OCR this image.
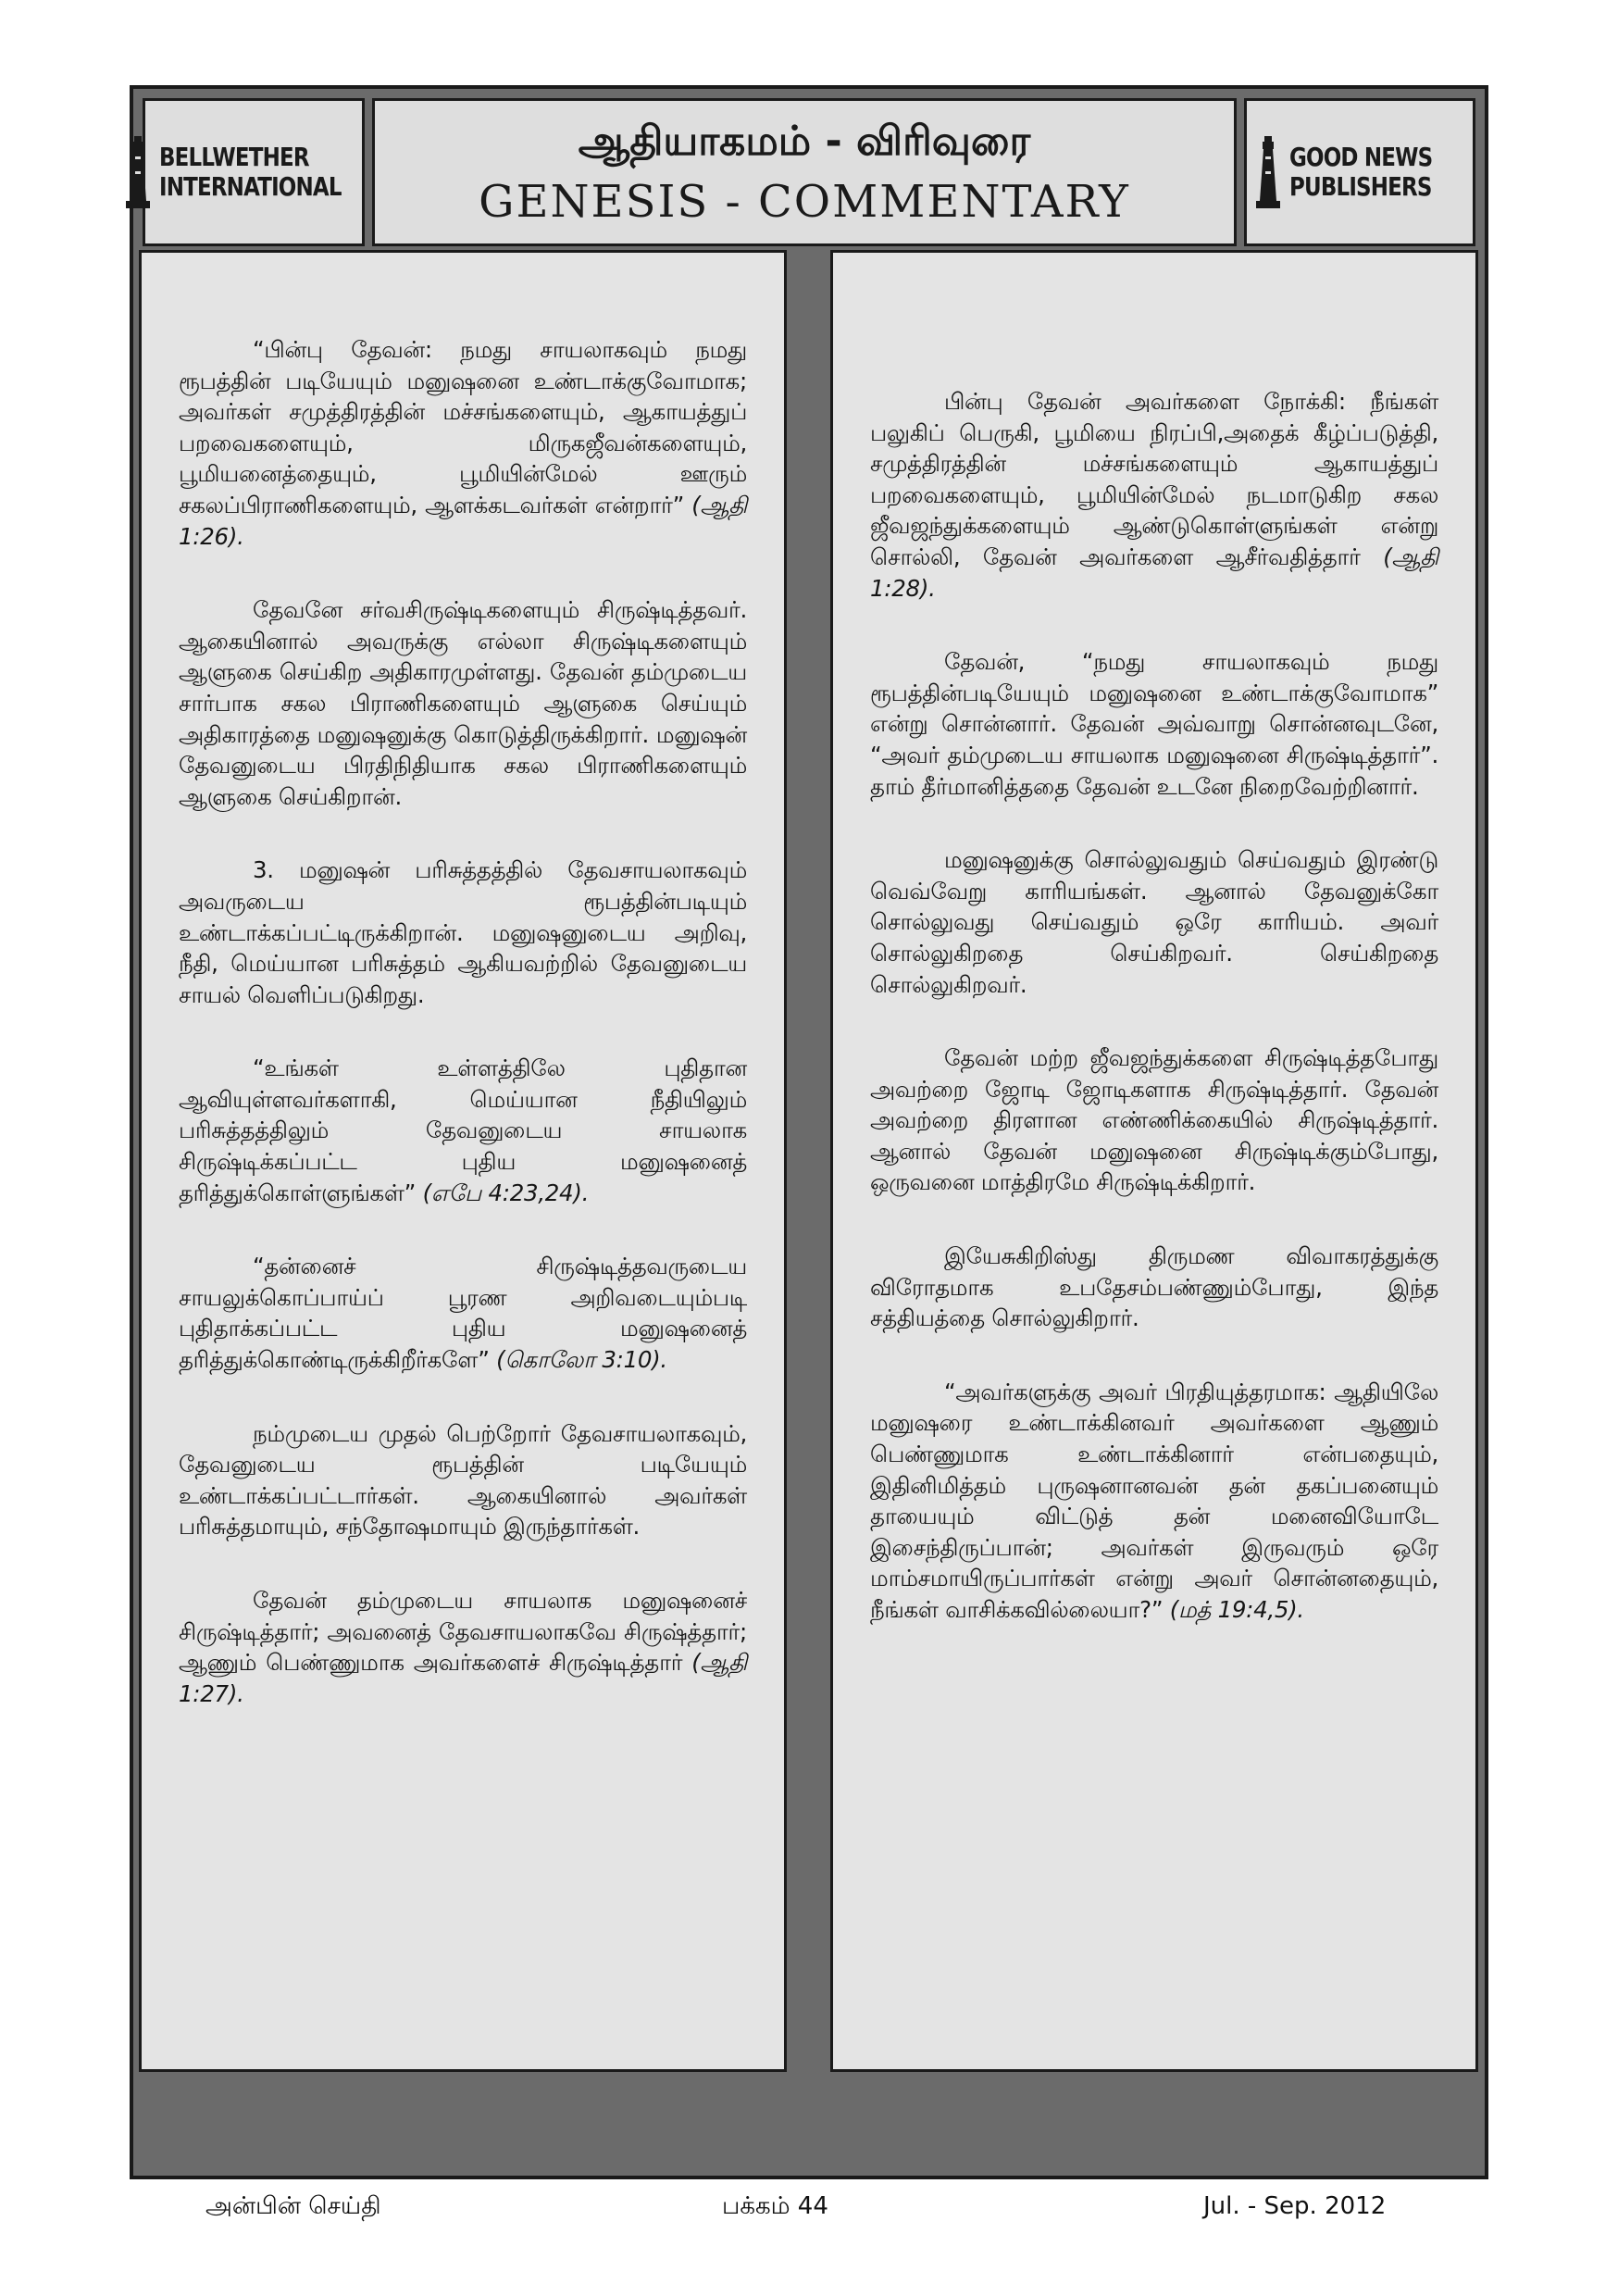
BELLWETHER
INTERNATIONAL
ஆதியாகமம் - விரிவுரை
GENESIS - COMMENTARY
GOOD NEWS
PUBLISHERS

“பின்பு தேவன்: நமது சாயலாகவும் நமது ரூபத்தின் படியேயும் மனுஷனை உண்டாக்குவோமாக; அவர்கள் சமுத்திரத்தின் மச்சங்களையும், ஆகாயத்துப் பறவைகளையும், மிருகஜீவன்களையும், பூமியனைத்தையும், பூமியின்மேல் ஊரும் சகலப்பிராணிகளையும், ஆளக்கடவர்கள் என்றார்” (ஆதி 1:26).

தேவனே சர்வசிருஷ்டிகளையும் சிருஷ்டித்தவர். ஆகையினால் அவருக்கு எல்லா சிருஷ்டிகளையும் ஆளுகை செய்கிற அதிகாரமுள்ளது. தேவன் தம்முடைய சார்பாக சகல பிராணிகளையும் ஆளுகை செய்யும் அதிகாரத்தை மனுஷனுக்கு கொடுத்திருக்கிறார். மனுஷன் தேவனுடைய பிரதிநிதியாக சகல பிராணிகளையும் ஆளுகை செய்கிறான்.

3. மனுஷன் பரிசுத்தத்தில் தேவசாயலாகவும் அவருடைய ரூபத்தின்படியும் உண்டாக்கப்பட்டிருக்கிறான். மனுஷனுடைய அறிவு, நீதி, மெய்யான பரிசுத்தம் ஆகியவற்றில் தேவனுடைய சாயல் வெளிப்படுகிறது.

“உங்கள் உள்ளத்திலே புதிதான ஆவியுள்ளவர்களாகி, மெய்யான நீதியிலும் பரிசுத்தத்திலும் தேவனுடைய சாயலாக சிருஷ்டிக்கப்பட்ட புதிய மனுஷனைத் தரித்துக்கொள்ளுங்கள்” (எபே 4:23,24).

“தன்னைச் சிருஷ்டித்தவருடைய சாயலுக்கொப்பாய்ப் பூரண அறிவடையும்படி புதிதாக்கப்பட்ட புதிய மனுஷனைத் தரித்துக்கொண்டிருக்கிறீர்களே” (கொலோ 3:10).

நம்முடைய முதல் பெற்றோர் தேவசாயலாகவும், தேவனுடைய ரூபத்தின் படியேயும் உண்டாக்கப்பட்டார்கள். ஆகையினால் அவர்கள் பரிசுத்தமாயும், சந்தோஷமாயும் இருந்தார்கள்.

தேவன் தம்முடைய சாயலாக மனுஷனைச் சிருஷ்டித்தார்; அவனைத் தேவசாயலாகவே சிருஷ்த்தார்; ஆணும் பெண்ணுமாக அவர்களைச் சிருஷ்டித்தார் (ஆதி 1:27).

பின்பு தேவன் அவர்களை நோக்கி: நீங்கள் பலுகிப் பெருகி, பூமியை நிரப்பி,அதைக் கீழ்ப்படுத்தி, சமுத்திரத்தின் மச்சங்களையும் ஆகாயத்துப் பறவைகளையும், பூமியின்மேல் நடமாடுகிற சகல ஜீவஜந்துக்களையும் ஆண்டுகொள்ளுங்கள் என்று சொல்லி, தேவன் அவர்களை ஆசீர்வதித்தார் (ஆதி 1:28).

தேவன், “நமது சாயலாகவும் நமது ரூபத்தின்படியேயும் மனுஷனை உண்டாக்குவோமாக” என்று சொன்னார். தேவன் அவ்வாறு சொன்னவுடனே, “அவர் தம்முடைய சாயலாக மனுஷனை சிருஷ்டித்தார்”. தாம் தீர்மானித்ததை தேவன் உடனே நிறைவேற்றினார்.

மனுஷனுக்கு சொல்லுவதும் செய்வதும் இரண்டு வெவ்வேறு காரியங்கள். ஆனால் தேவனுக்கோ சொல்லுவது செய்வதும் ஒரே காரியம். அவர் சொல்லுகிறதை செய்கிறவர். செய்கிறதை சொல்லுகிறவர்.

தேவன் மற்ற ஜீவஜந்துக்களை சிருஷ்டித்தபோது அவற்றை ஜோடி ஜோடிகளாக சிருஷ்டித்தார். தேவன் அவற்றை திரளான எண்ணிக்கையில் சிருஷ்டித்தார். ஆனால் தேவன் மனுஷனை சிருஷ்டிக்கும்போது, ஒருவனை மாத்திரமே சிருஷ்டிக்கிறார்.

இயேசுகிறிஸ்து திருமண விவாகரத்துக்கு விரோதமாக உபதேசம்பண்ணும்போது, இந்த சத்தியத்தை சொல்லுகிறார்.

“அவர்களுக்கு அவர் பிரதியுத்தரமாக: ஆதியிலே மனுஷரை உண்டாக்கினவர் அவர்களை ஆணும் பெண்ணுமாக உண்டாக்கினார் என்பதையும், இதினிமித்தம் புருஷனானவன் தன் தகப்பனையும் தாயையும் விட்டுத் தன் மனைவியோடே இசைந்திருப்பான்; அவர்கள் இருவரும் ஒரே மாம்சமாயிருப்பார்கள் என்று அவர் சொன்னதையும், நீங்கள் வாசிக்கவில்லையா?” (மத் 19:4,5).

அன்பின் செய்தி	பக்கம் 44	Jul. - Sep. 2012
